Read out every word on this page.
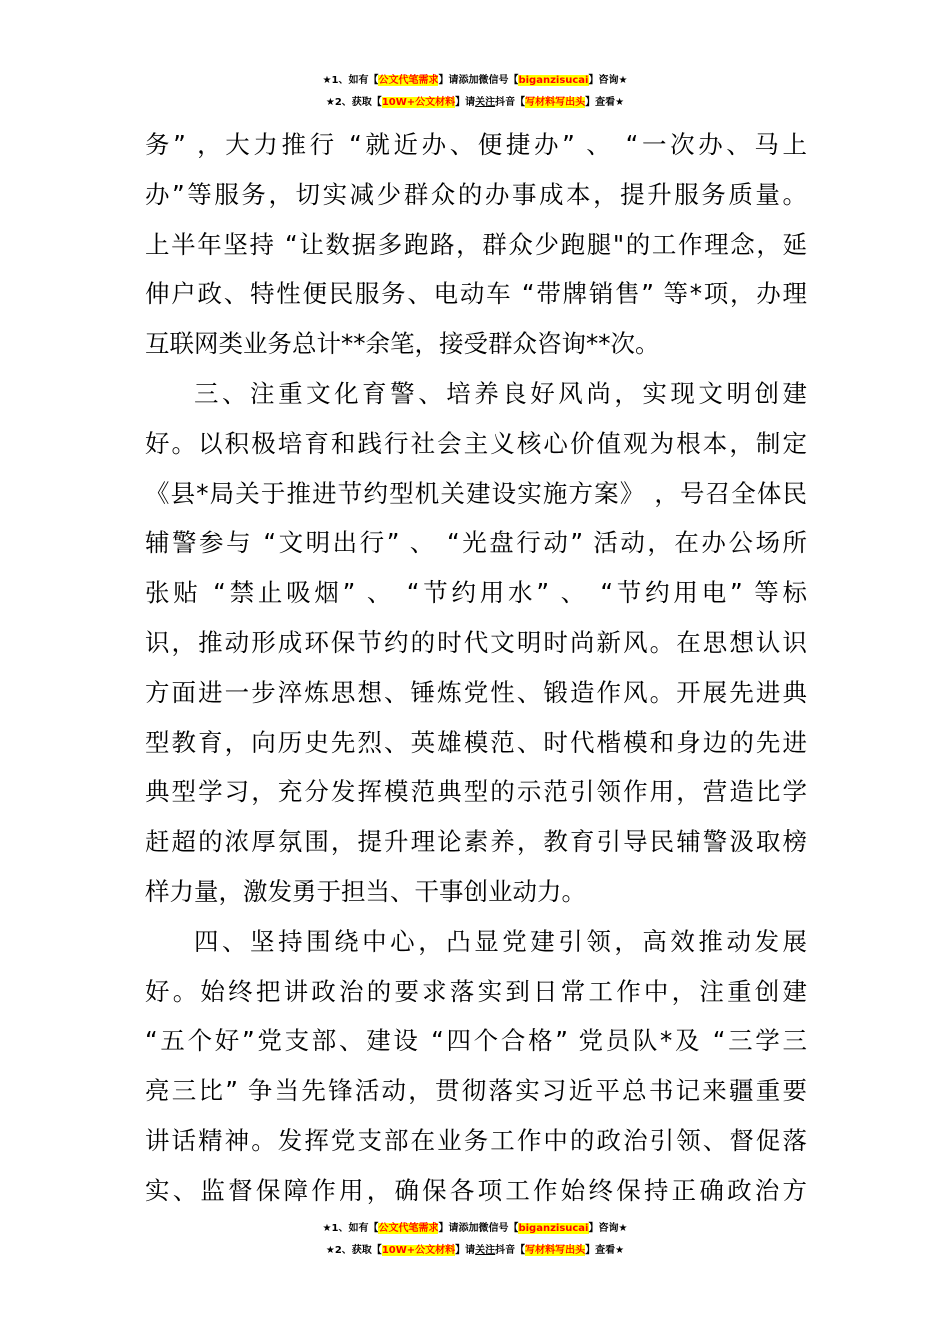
★1、如有【公文代笔需求】请添加微信号【biganzisucai】咨询★
★2、获取【10W+公文材料】请关注抖音【写材料写出头】查看★
务” ，大力推行 “就近办、便捷办” 、 “一次办、马上
办”等服务，切实减少群众的办事成本，提升服务质量。
上半年坚持 “让数据多跑路，群众少跑腿"的工作理念，延
伸户政、特性便民服务、电动车 “带牌销售” 等*项，办理
互联网类业务总计**余笔，接受群众咨询**次。
三、注重文化育警、培养良好风尚，实现文明创建
好。以积极培育和践行社会主义核心价值观为根本，制定
《县*局关于推进节约型机关建设实施方案》 ，号召全体民
辅警参与 “文明出行” 、 “光盘行动” 活动，在办公场所
张贴 “禁止吸烟” 、 “节约用水” 、 “节约用电” 等标
识，推动形成环保节约的时代文明时尚新风。在思想认识
方面进一步淬炼思想、锤炼党性、锻造作风。开展先进典
型教育，向历史先烈、英雄模范、时代楷模和身边的先进
典型学习，充分发挥模范典型的示范引领作用，营造比学
赶超的浓厚氛围，提升理论素养，教育引导民辅警汲取榜
样力量，激发勇于担当、干事创业动力。
四、坚持围绕中心，凸显党建引领，高效推动发展
好。始终把讲政治的要求落实到日常工作中，注重创建
“五个好”党支部、建设 “四个合格” 党员队*及 “三学三
亮三比” 争当先锋活动，贯彻落实习近平总书记来疆重要
讲话精神。发挥党支部在业务工作中的政治引领、督促落
实、监督保障作用，确保各项工作始终保持正确政治方
★1、如有【公文代笔需求】请添加微信号【biganzisucai】咨询★
★2、获取【10W+公文材料】请关注抖音【写材料写出头】查看★
